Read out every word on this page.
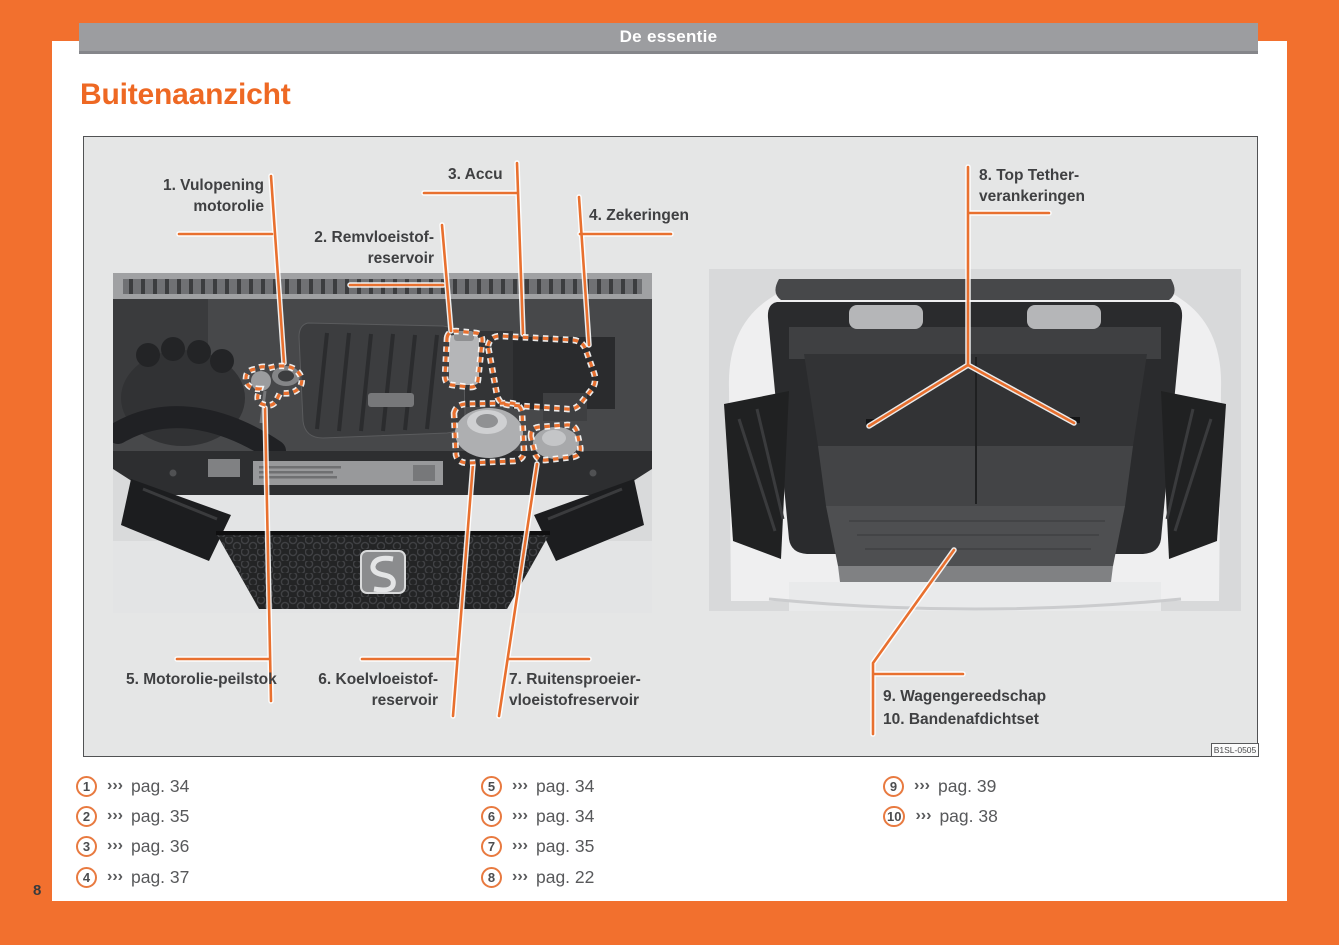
De essentie
Buitenaanzicht
1. Vulopening
motorolie
2. Remvloeistof-
reservoir
3. Accu
4. Zekeringen
5. Motorolie-peilstok	6. Koelvloeistof-
reservoir
7. Ruitensproeier-
vloeistofreservoir
8. Top Tether-
verankeringen
9. Wagengereedschap
10. Bandenafdichtset
B1SL-0505
1	››› pag. 34
2	››› pag. 35
3	››› pag. 36
4	››› pag. 37
5	››› pag. 34
6	››› pag. 34
7	››› pag. 35
8	››› pag. 22
9	››› pag. 39
10 ››› pag. 38
8
